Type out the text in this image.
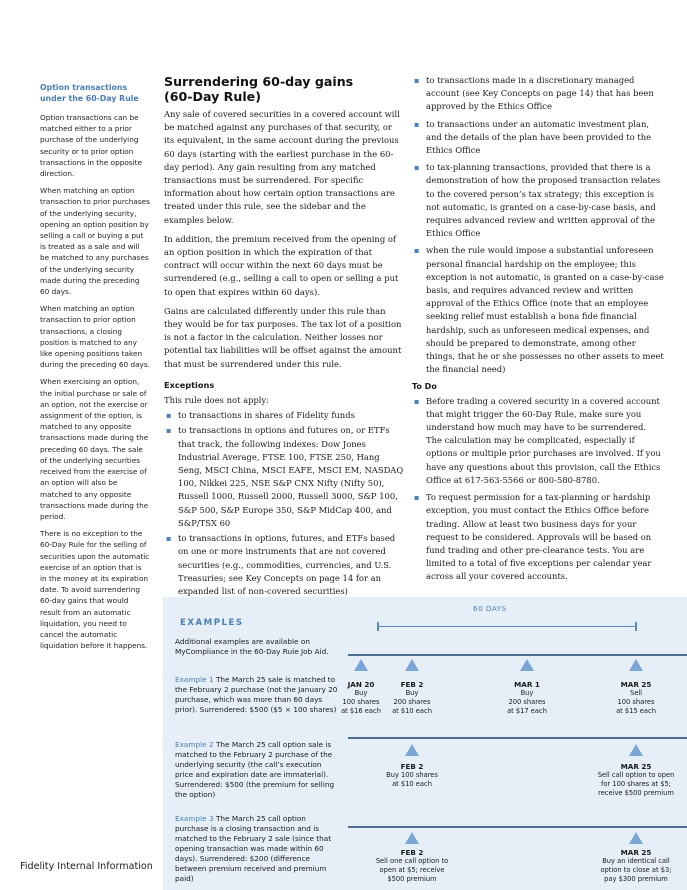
Option transactions under the 60-Day Rule

Option transactions can be matched either to a prior purchase of the underlying security or to prior option transactions in the opposite direction.

When matching an option transaction to prior purchases of the underlying security, opening an option position by selling a call or buying a put is treated as a sale and will be matched to any purchases of the underlying security made during the preceding 60 days.

When matching an option transaction to prior option transactions, a closing position is matched to any like opening positions taken during the preceding 60 days.

When exercising an option, the initial purchase or sale of an option, not the exercise or assignment of the option, is matched to any opposite transactions made during the preceding 60 days. The sale of the underlying securities received from the exercise of an option will also be matched to any opposite transactions made during the period.

There is no exception to the 60-Day Rule for the selling of securities upon the automatic exercise of an option that is in the money at its expiration date. To avoid surrendering 60-day gains that would result from an automatic liquidation, you need to cancel the automatic liquidation before it happens.

Surrendering 60-day gains
(60-Day Rule)

Any sale of covered securities in a covered account will be matched against any purchases of that security, or its equivalent, in the same account during the previous 60 days (starting with the earliest purchase in the 60-day period). Any gain resulting from any matched transactions must be surrendered. For specific information about how certain option transactions are treated under this rule, see the sidebar and the examples below.

In addition, the premium received from the opening of an option position in which the expiration of that contract will occur within the next 60 days must be surrendered (e.g., selling a call to open or selling a put to open that expires within 60 days).

Gains are calculated differently under this rule than they would be for tax purposes. The tax lot of a position is not a factor in the calculation. Neither losses nor potential tax liabilities will be offset against the amount that must be surrendered under this rule.

Exceptions
This rule does not apply:
▪ to transactions in shares of Fidelity funds
▪ to transactions in options and futures on, or ETFs that track, the following indexes: Dow Jones Industrial Average, FTSE 100, FTSE 250, Hang Seng, MSCI China, MSCI EAFE, MSCI EM, NASDAQ 100, Nikkei 225, NSE S&P CNX Nifty (Nifty 50), Russell 1000, Russell 2000, Russell 3000, S&P 100, S&P 500, S&P Europe 350, S&P MidCap 400, and S&P/TSX 60
▪ to transactions in options, futures, and ETFs based on one or more instruments that are not covered securities (e.g., commodities, currencies, and U.S. Treasuries; see Key Concepts on page 14 for an expanded list of non-covered securities)
▪ to transactions made in a discretionary managed account (see Key Concepts on page 14) that has been approved by the Ethics Office
▪ to transactions under an automatic investment plan, and the details of the plan have been provided to the Ethics Office
▪ to tax-planning transactions, provided that there is a demonstration of how the proposed transaction relates to the covered person’s tax strategy; this exception is not automatic, is granted on a case-by-case basis, and requires advanced review and written approval of the Ethics Office
▪ when the rule would impose a substantial unforeseen personal financial hardship on the employee; this exception is not automatic, is granted on a case-by-case basis, and requires advanced review and written approval of the Ethics Office (note that an employee seeking relief must establish a bona fide financial hardship, such as unforeseen medical expenses, and should be prepared to demonstrate, among other things, that he or she possesses no other assets to meet the financial need)
To Do
▪ Before trading a covered security in a covered account that might trigger the 60-Day Rule, make sure you understand how much may have to be surrendered. The calculation may be complicated, especially if options or multiple prior purchases are involved. If you have any questions about this provision, call the Ethics Office at 617-563-5566 or 800-580-8780.
▪ To request permission for a tax-planning or hardship exception, you must contact the Ethics Office before trading. Allow at least two business days for your request to be considered. Approvals will be based on fund trading and other pre-clearance tests. You are limited to a total of five exceptions per calendar year across all your covered accounts.
EXAMPLES
Additional examples are available on MyCompliance in the 60-Day Rule Job Aid.
Example 1 The March 25 sale is matched to the February 2 purchase (not the January 20 purchase, which was more than 60 days prior). Surrendered: $500 ($5 × 100 shares)
Example 2 The March 25 call option sale is matched to the February 2 purchase of the underlying security (the call’s execution price and expiration date are immaterial). Surrendered: $500 (the premium for selling the option)
Example 3 The March 25 call option purchase is a closing transaction and is matched to the February 2 sale (since that opening transaction was made within 60 days). Surrendered: $200 (difference between premium received and premium paid)
60 DAYS
JAN 20
Buy
100 shares
at $16 each
FEB 2
Buy
200 shares
at $10 each
MAR 1
Buy
200 shares
at $17 each
MAR 25
Sell
100 shares
at $15 each
FEB 2
Buy 100 shares
at $10 each
MAR 25
Sell call option to open
for 100 shares at $5;
receive $500 premium
FEB 2
Sell one call option to
open at $5; receive
$500 premium
MAR 25
Buy an identical call
option to close at $3;
pay $300 premium
Fidelity Internal Information
